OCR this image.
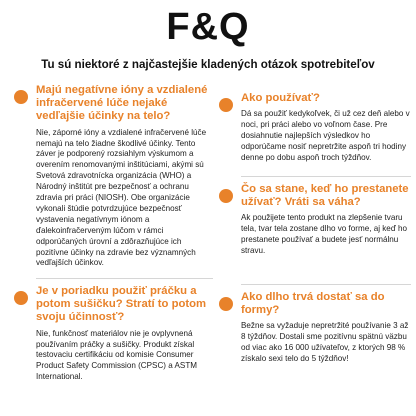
F&Q
Tu sú niektoré z najčastejšie kladených otázok spotrebiteľov
Majú negatívne ióny a vzdialené infračervené lúče nejaké vedľajšie účinky na telo?
Nie, záporné ióny a vzdialené infračervené lúče nemajú na telo žiadne škodlivé účinky. Tento záver je podporený rozsiahlym výskumom a overením renomovanými inštitúciami, akými sú Svetová zdravotnícka organizácia (WHO) a Národný inštitút pre bezpečnosť a ochranu zdravia pri práci (NIOSH). Obe organizácie vykonali štúdie potvrdzujúce bezpečnosť vystavenia negatívnym iónom a ďalekoinfračerveným lúčom v rámci odporúčaných úrovní a zdôrazňujúce ich pozitívne účinky na zdravie bez významných vedľajších účinkov.
Je v poriadku použiť práčku a potom sušičku? Stratí to potom svoju účinnosť?
Nie, funkčnosť materiálov nie je ovplyvnená používaním práčky a sušičky. Produkt získal testovaciu certifikáciu od komisie Consumer Product Safety Commission (CPSC) a ASTM International.
Ako používať?
Dá sa použiť kedykoľvek, či už cez deň alebo v noci, pri práci alebo vo voľnom čase. Pre dosiahnutie najlepších výsledkov ho odporúčame nosiť nepretržite aspoň tri hodiny denne po dobu aspoň troch týždňov.
Čo sa stane, keď ho prestanete užívať? Vráti sa váha?
Ak použijete tento produkt na zlepšenie tvaru tela, tvar tela zostane dlho vo forme, aj keď ho prestanete používať a budete jesť normálnu stravu.
Ako dlho trvá dostať sa do formy?
Bežne sa vyžaduje nepretržité používanie 3 až 8 týždňov. Dostali sme pozitívnu spätnú väzbu od viac ako 16 000 užívateľov, z ktorých 98 % získalo sexi telo do 5 týždňov!
